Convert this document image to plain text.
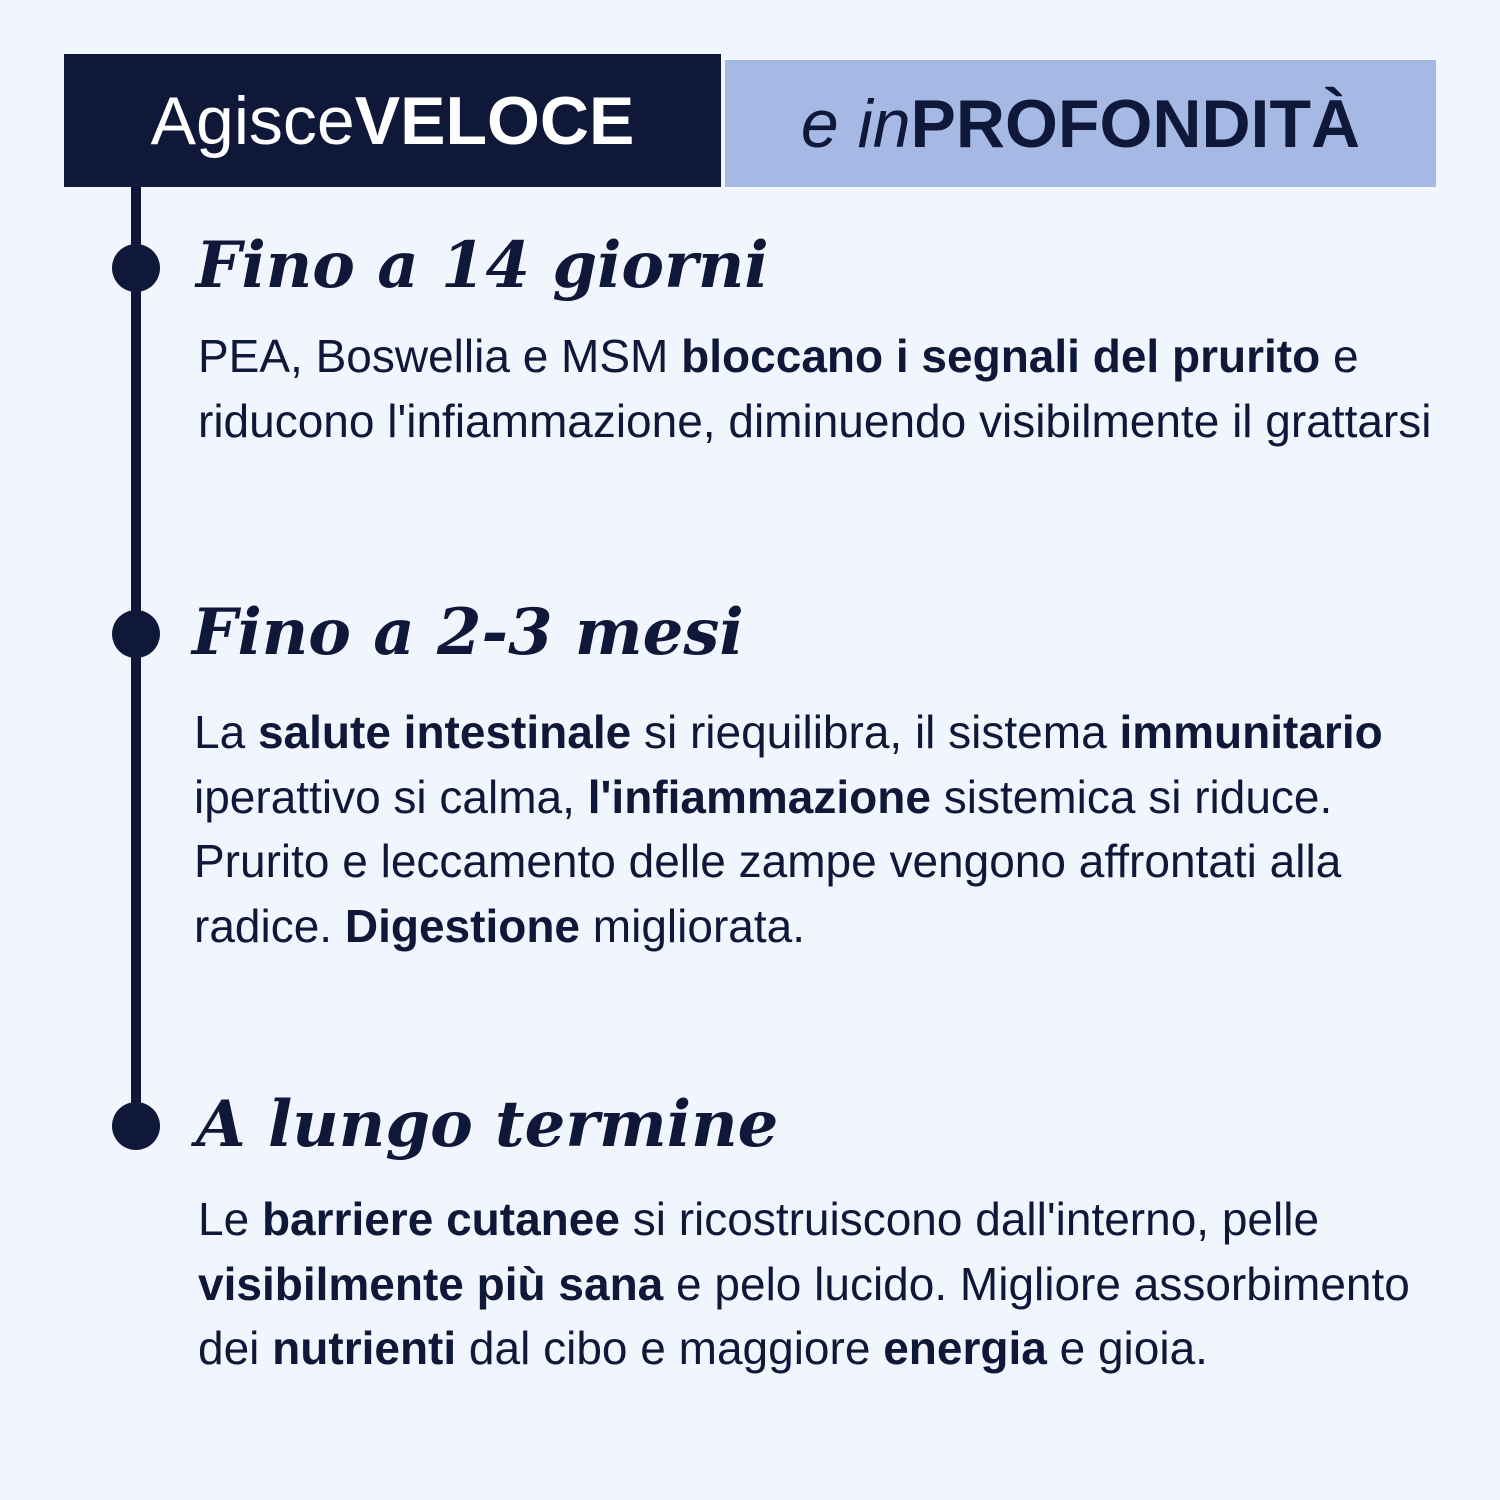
Agisce VELOCE e in PROFONDITÀ
Fino a 14 giorni
PEA, Boswellia e MSM bloccano i segnali del prurito e riducono l'infiammazione, diminuendo visibilmente il grattarsi
Fino a 2-3 mesi
La salute intestinale si riequilibra, il sistema immunitario iperattivo si calma, l'infiammazione sistemica si riduce. Prurito e leccamento delle zampe vengono affrontati alla radice. Digestione migliorata.
A lungo termine
Le barriere cutanee si ricostruiscono dall'interno, pelle visibilmente più sana e pelo lucido. Migliore assorbimento dei nutrienti dal cibo e maggiore energia e gioia.
